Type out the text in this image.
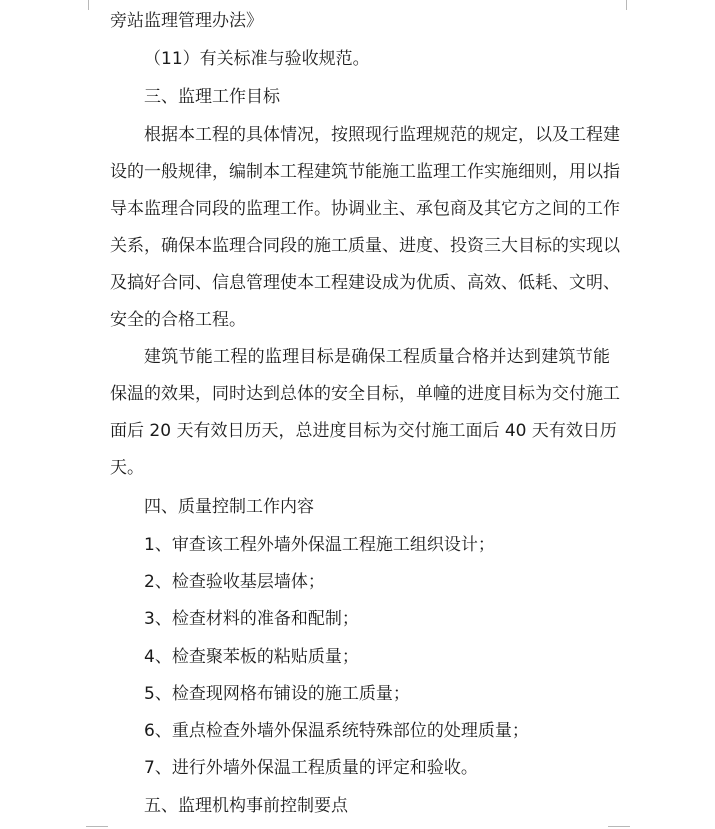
旁站监理管理办法》
（11）有关标准与验收规范。
三、监理工作目标
根据本工程的具体情况，按照现行监理规范的规定，以及工程建
设的一般规律，编制本工程建筑节能施工监理工作实施细则，用以指
导本监理合同段的监理工作。协调业主、承包商及其它方之间的工作
关系，确保本监理合同段的施工质量、进度、投资三大目标的实现以
及搞好合同、信息管理使本工程建设成为优质、高效、低耗、文明、
安全的合格工程。
建筑节能工程的监理目标是确保工程质量合格并达到建筑节能
保温的效果，同时达到总体的安全目标，单幢的进度目标为交付施工
面后 20 天有效日历天，总进度目标为交付施工面后 40 天有效日历
天。
四、质量控制工作内容
1、审查该工程外墙外保温工程施工组织设计；
2、检查验收基层墙体；
3、检查材料的准备和配制；
4、检查聚苯板的粘贴质量；
5、检查现网格布铺设的施工质量；
6、重点检查外墙外保温系统特殊部位的处理质量；
7、进行外墙外保温工程质量的评定和验收。
五、监理机构事前控制要点
